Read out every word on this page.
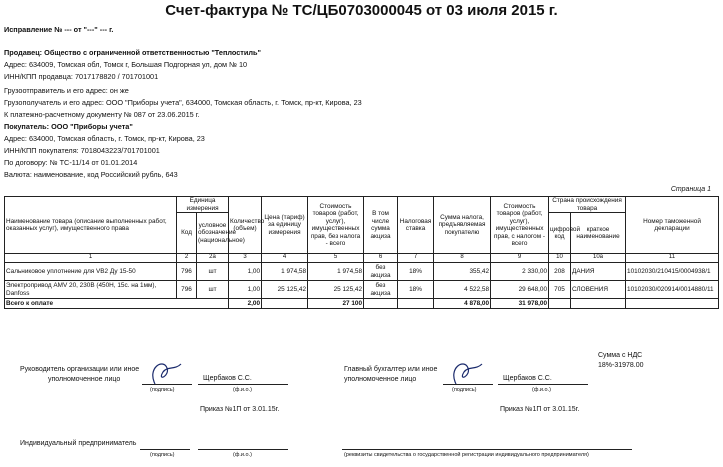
Счет-фактура № ТС/ЦБ0703000045 от 03 июля 2015 г.
Исправление № --- от "---" --- г.
Продавец: Общество с ограниченной ответственностью "Теплостиль"
Адрес: 634009, Томская обл, Томск г, Большая Подгорная ул, дом № 10
ИНН/КПП продавца: 7017178820 / 701701001
Грузоотправитель и его адрес: он же
Грузополучатель и его адрес: ООО "Приборы учета", 634000, Томская область, г. Томск, пр-кт, Кирова, 23
К платежно-расчетному документу № 087 от 23.06.2015 г.
Покупатель: ООО "Приборы учета"
Адрес: 634000, Томская область, г. Томск, пр-кт, Кирова, 23
ИНН/КПП покупателя: 7018043223/701701001
По договору: № ТС-11/14 от 01.01.2014
Валюта: наименование, код Российский рубль, 643
Страница 1
Наименование товара (описание выполненных работ, оказанных услуг), имущественного права	Единица измерения		Количество (объем)	Цена (тариф) за единицу измерения	Стоимость товаров (работ, услуг), имущественных прав, без налога - всего	В том числе сумма акциза	Налоговая ставка	Сумма налога, предъявляемая покупателю	Стоимость товаров (работ, услуг), имущественных прав, с налогом - всего	Страна происхождения товара		Номер таможенной декларации
	Код	условное обозначение (национальное)								цифровой код	краткое наименование	
1	2	2а	3	4	5	6	7	8	9	10	10а	11
Сальниковое уплотнение для VB2 Ду 15-50	796	шт	1,00	1 974,58	1 974,58	без акциза	18%	355,42	2 330,00	208	ДАНИЯ	10102030/210415/0004938/1
Электропривод AMV 20, 230В (450Н, 15с. на 1мм), Danfoss	796	шт	1,00	25 125,42	25 125,42	без акциза	18%	4 522,58	29 648,00	705	СЛОВЕНИЯ	10102030/020914/0014880/11
Всего к оплате			2,00		27 100			4 878,00	31 978,00			
Сумма с НДС
18%-31978.00
Руководитель организации или иное
уполномоченное лицо	Щербаков С.С.
(подпись)	(ф.и.о.)
Приказ №1П от 3.01.15г.
Главный бухгалтер или иное
уполномоченное лицо	Щербаков С.С.
(подпись)	(ф.и.о.)
Приказ №1П от 3.01.15г.
Индивидуальный предприниматель
(подпись)	(ф.и.о.)	(реквизиты свидетельства о государственной регистрации индивидуального предпринимателя)
